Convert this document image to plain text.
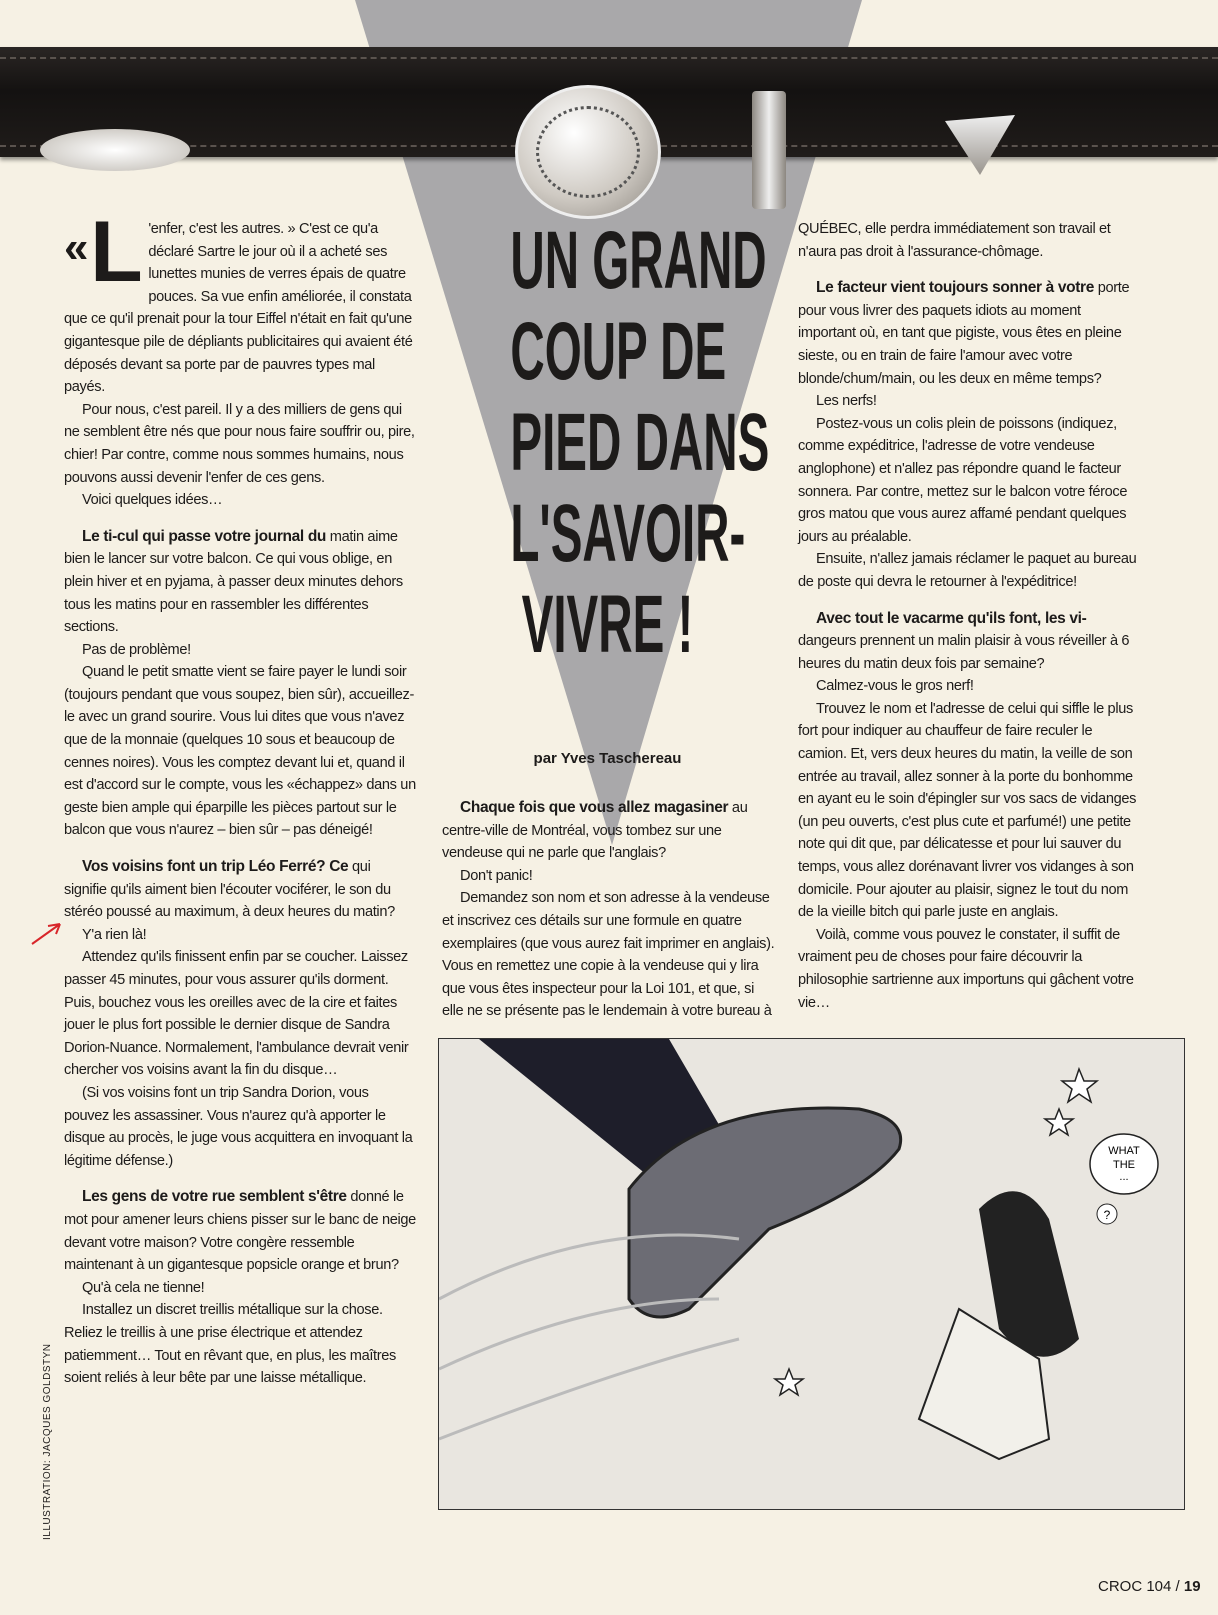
« L 'enfer, c'est les autres. » C'est ce qu'a déclaré Sartre le jour où il a acheté ses lunettes munies de verres épais de quatre pouces. Sa vue enfin améliorée, il constata que ce qu'il prenait pour la tour Eiffel n'était en fait qu'une gigantesque pile de dépliants publicitaires qui avaient été déposés devant sa porte par de pauvres types mal payés.

Pour nous, c'est pareil. Il y a des milliers de gens qui ne semblent être nés que pour nous faire souffrir ou, pire, chier! Par contre, comme nous sommes humains, nous pouvons aussi devenir l'enfer de ces gens.

Voici quelques idées…

Le ti-cul qui passe votre journal du matin aime bien le lancer sur votre balcon. Ce qui vous oblige, en plein hiver et en pyjama, à passer deux minutes dehors tous les matins pour en rassembler les différentes sections.

Pas de problème!

Quand le petit smatte vient se faire payer le lundi soir (toujours pendant que vous soupez, bien sûr), accueillez-le avec un grand sourire. Vous lui dites que vous n'avez que de la monnaie (quelques 10 sous et beaucoup de cennes noires). Vous les comptez devant lui et, quand il est d'accord sur le compte, vous les «échappez» dans un geste bien ample qui éparpille les pièces partout sur le balcon que vous n'aurez – bien sûr – pas déneigé!

Vos voisins font un trip Léo Ferré? Ce qui signifie qu'ils aiment bien l'écouter vociférer, le son du stéréo poussé au maximum, à deux heures du matin?

Y'a rien là!

Attendez qu'ils finissent enfin par se coucher. Laissez passer 45 minutes, pour vous assurer qu'ils dorment. Puis, bouchez vous les oreilles avec de la cire et faites jouer le plus fort possible le dernier disque de Sandra Dorion-Nuance. Normalement, l'ambulance devrait venir chercher vos voisins avant la fin du disque…

(Si vos voisins font un trip Sandra Dorion, vous pouvez les assassiner. Vous n'aurez qu'à apporter le disque au procès, le juge vous acquittera en invoquant la légitime défense.)

Les gens de votre rue semblent s'être donné le mot pour amener leurs chiens pisser sur le banc de neige devant votre maison? Votre congère ressemble maintenant à un gigantesque popsicle orange et brun?

Qu'à cela ne tienne!

Installez un discret treillis métallique sur la chose. Reliez le treillis à une prise électrique et attendez patiemment… Tout en rêvant que, en plus, les maîtres soient reliés à leur bête par une laisse métallique.

UN GRAND
COUP DE
PIED DANS
L'SAVOIR-
VIVRE !
par Yves Taschereau

Chaque fois que vous allez magasiner au centre-ville de Montréal, vous tombez sur une vendeuse qui ne parle que l'anglais?

Don't panic!

Demandez son nom et son adresse à la vendeuse et inscrivez ces détails sur une formule en quatre exemplaires (que vous aurez fait imprimer en anglais). Vous en remettez une copie à la vendeuse qui y lira que vous êtes inspecteur pour la Loi 101, et que, si elle ne se présente pas le lendemain à votre bureau à

QUÉBEC, elle perdra immédiatement son travail et n'aura pas droit à l'assurance-chômage.

Le facteur vient toujours sonner à votre porte pour vous livrer des paquets idiots au moment important où, en tant que pigiste, vous êtes en pleine sieste, ou en train de faire l'amour avec votre blonde/chum/main, ou les deux en même temps?

Les nerfs!

Postez-vous un colis plein de poissons (indiquez, comme expéditrice, l'adresse de votre vendeuse anglophone) et n'allez pas répondre quand le facteur sonnera. Par contre, mettez sur le balcon votre féroce gros matou que vous aurez affamé pendant quelques jours au préalable.

Ensuite, n'allez jamais réclamer le paquet au bureau de poste qui devra le retourner à l'expéditrice!

Avec tout le vacarme qu'ils font, les vi- dangeurs prennent un malin plaisir à vous réveiller à 6 heures du matin deux fois par semaine?

Calmez-vous le gros nerf!

Trouvez le nom et l'adresse de celui qui siffle le plus fort pour indiquer au chauffeur de faire reculer le camion. Et, vers deux heures du matin, la veille de son entrée au travail, allez sonner à la porte du bonhomme en ayant eu le soin d'épingler sur vos sacs de vidanges (un peu ouverts, c'est plus cute et parfumé!) une petite note qui dit que, par délicatesse et pour lui sauver du temps, vous allez dorénavant livrer vos vidanges à son domicile. Pour ajouter au plaisir, signez le tout du nom de la vieille bitch qui parle juste en anglais.

Voilà, comme vous pouvez le constater, il suffit de vraiment peu de choses pour faire découvrir la philosophie sartrienne aux importuns qui gâchent votre vie…

WHAT
THE
...
?
ILLUSTRATION: JACQUES GOLDSTYN
CROC 104 / 19
